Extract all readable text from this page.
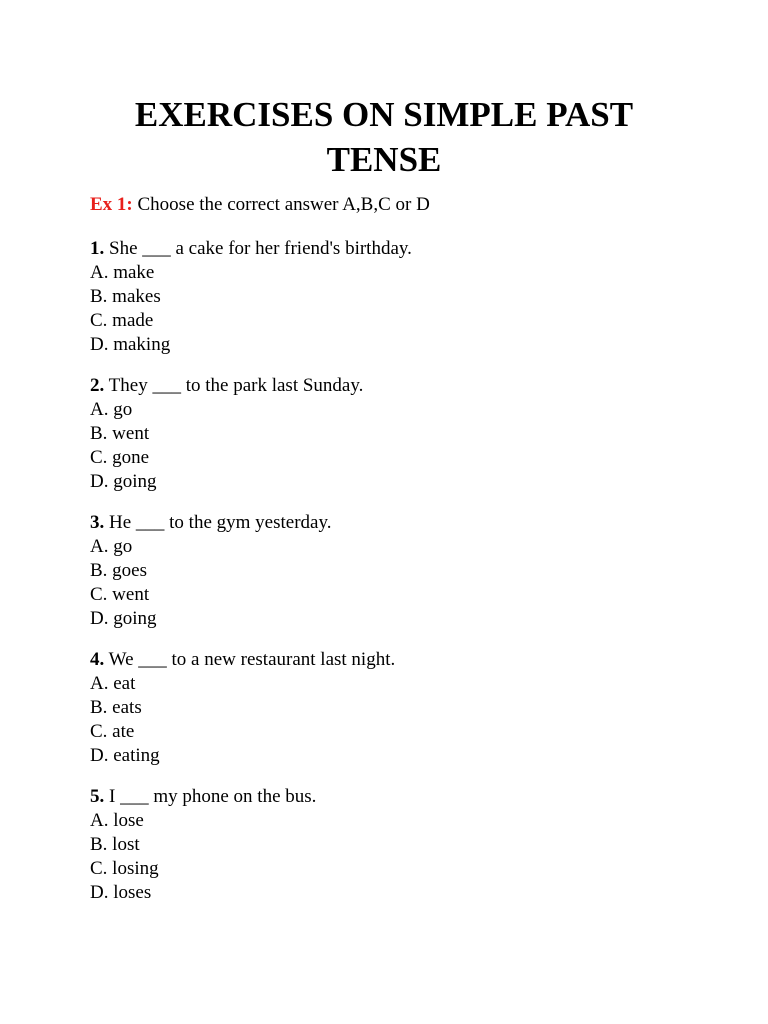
EXERCISES ON SIMPLE PAST
TENSE
Ex 1: Choose the correct answer A,B,C or D
1. She ___ a cake for her friend's birthday.
A. make
B. makes
C. made
D. making
2. They ___ to the park last Sunday.
A. go
B. went
C. gone
D. going
3. He ___ to the gym yesterday.
A. go
B. goes
C. went
D. going
4. We ___ to a new restaurant last night.
A. eat
B. eats
C. ate
D. eating
5. I ___ my phone on the bus.
A. lose
B. lost
C. losing
D. loses
